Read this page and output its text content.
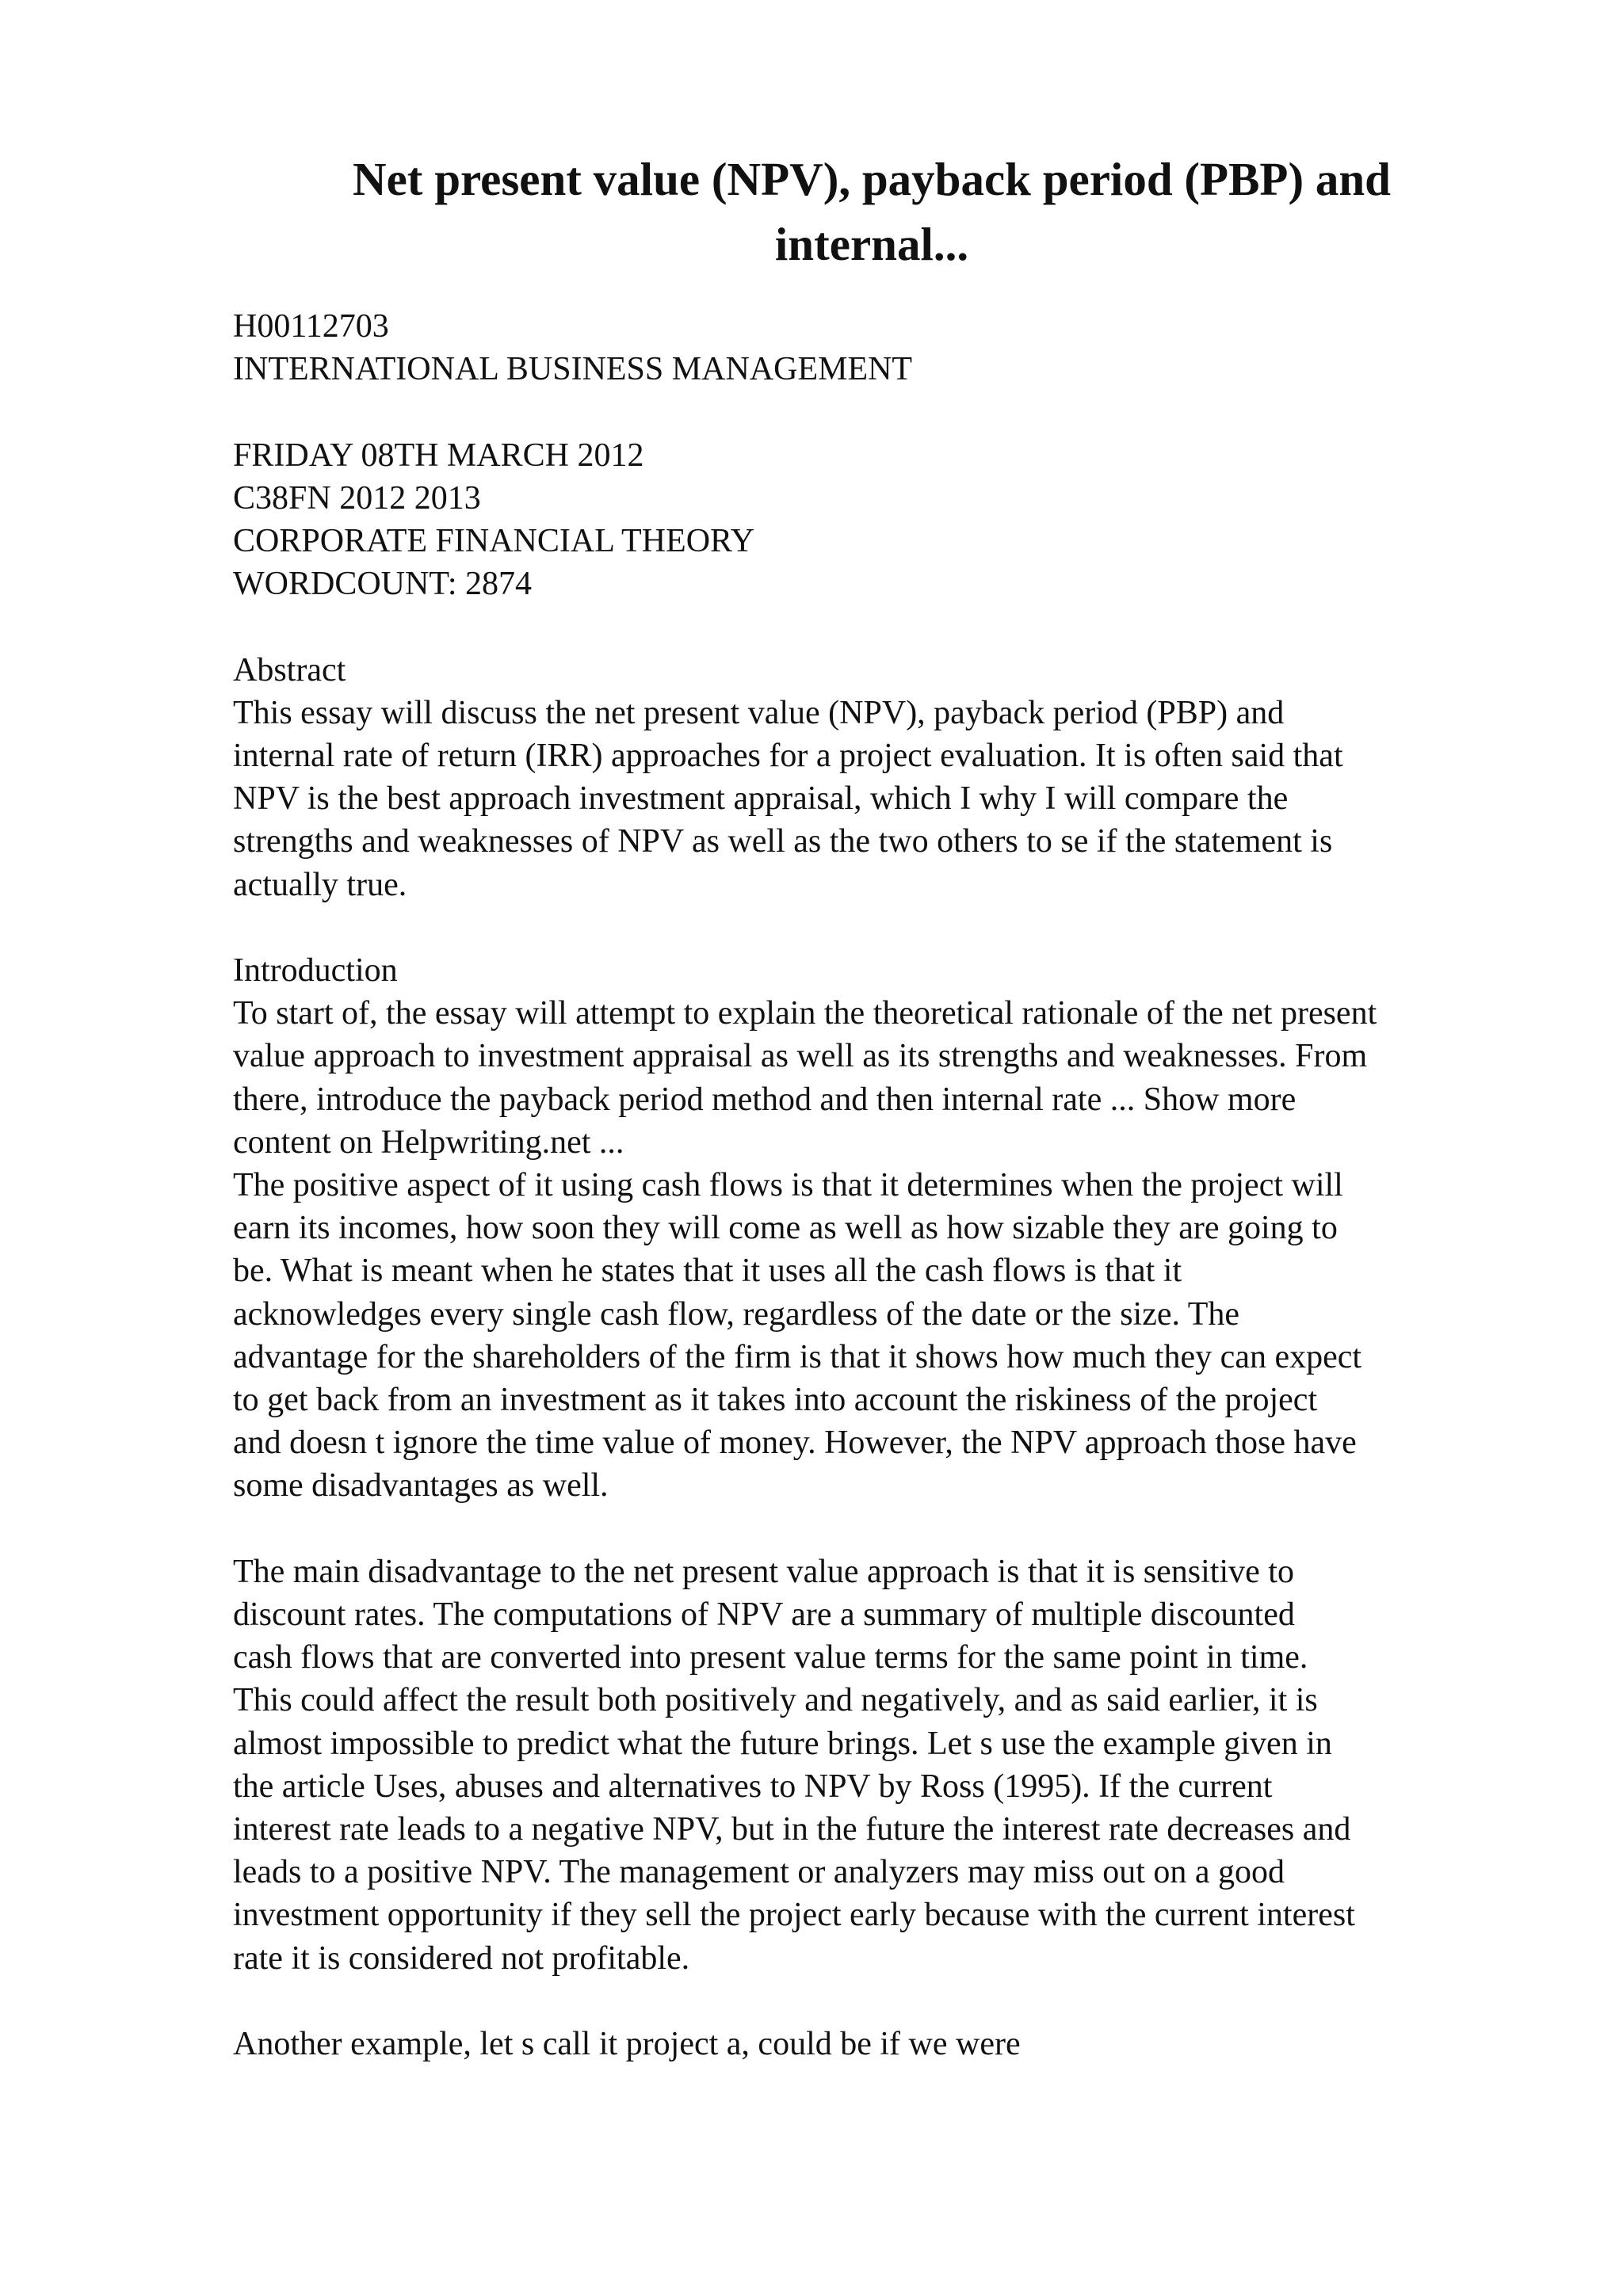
Net present value (NPV), payback period (PBP) and
internal...
H00112703
INTERNATIONAL BUSINESS MANAGEMENT
FRIDAY 08TH MARCH 2012
C38FN 2012 2013
CORPORATE FINANCIAL THEORY
WORDCOUNT: 2874
Abstract
This essay will discuss the net present value (NPV), payback period (PBP) and
internal rate of return (IRR) approaches for a project evaluation. It is often said that
NPV is the best approach investment appraisal, which I why I will compare the
strengths and weaknesses of NPV as well as the two others to se if the statement is
actually true.
Introduction
To start of, the essay will attempt to explain the theoretical rationale of the net present
value approach to investment appraisal as well as its strengths and weaknesses. From
there, introduce the payback period method and then internal rate ... Show more
content on Helpwriting.net ...
The positive aspect of it using cash flows is that it determines when the project will
earn its incomes, how soon they will come as well as how sizable they are going to
be. What is meant when he states that it uses all the cash flows is that it
acknowledges every single cash flow, regardless of the date or the size. The
advantage for the shareholders of the firm is that it shows how much they can expect
to get back from an investment as it takes into account the riskiness of the project
and doesn t ignore the time value of money. However, the NPV approach those have
some disadvantages as well.
The main disadvantage to the net present value approach is that it is sensitive to
discount rates. The computations of NPV are a summary of multiple discounted
cash flows that are converted into present value terms for the same point in time.
This could affect the result both positively and negatively, and as said earlier, it is
almost impossible to predict what the future brings. Let s use the example given in
the article Uses, abuses and alternatives to NPV by Ross (1995). If the current
interest rate leads to a negative NPV, but in the future the interest rate decreases and
leads to a positive NPV. The management or analyzers may miss out on a good
investment opportunity if they sell the project early because with the current interest
rate it is considered not profitable.
Another example, let s call it project a, could be if we were
